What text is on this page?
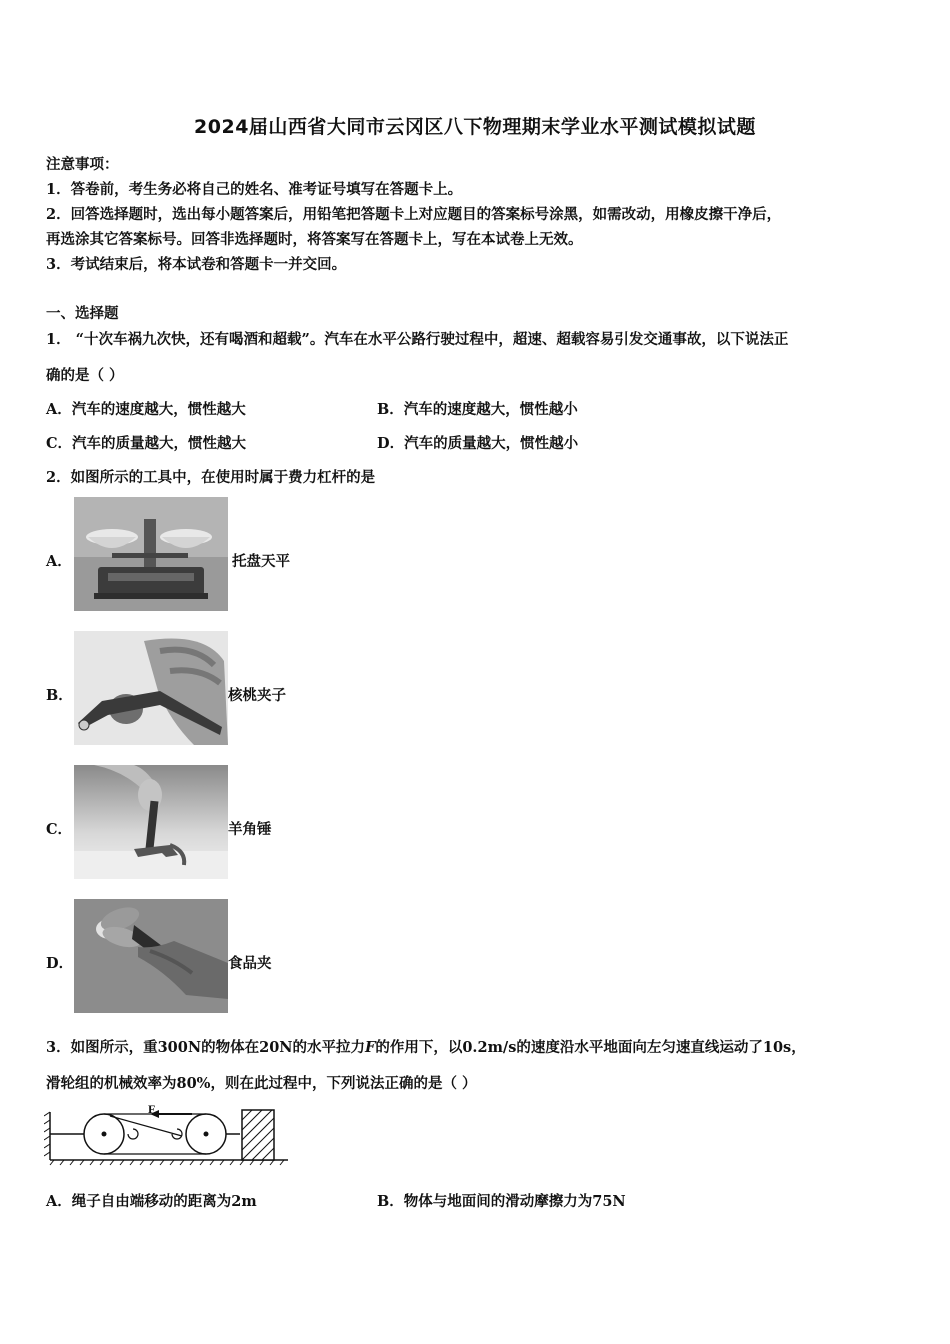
2024届山西省大同市云冈区八下物理期末学业水平测试模拟试题
注意事项：
1．答卷前，考生务必将自己的姓名、准考证号填写在答题卡上。
2．回答选择题时，选出每小题答案后，用铅笔把答题卡上对应题目的答案标号涂黑，如需改动，用橡皮擦干净后，
再选涂其它答案标号。回答非选择题时，将答案写在答题卡上，写在本试卷上无效。
3．考试结束后，将本试卷和答题卡一并交回。
一、选择题
1． “十次车祸九次快，还有喝酒和超载”。汽车在水平公路行驶过程中，超速、超载容易引发交通事故，以下说法正
确的是（ ）
A．汽车的速度越大，惯性越大	B．汽车的速度越大，惯性越小
C．汽车的质量越大，惯性越大	D．汽车的质量越大，惯性越小
2．如图所示的工具中，在使用时属于费力杠杆的是
A．	托盘天平
B．	核桃夹子
C．	羊角锤
D．	食品夹
3．如图所示，重300N的物体在20N的水平拉力F的作用下，以0.2m/s的速度沿水平地面向左匀速直线运动了10s，
滑轮组的机械效率为80%，则在此过程中，下列说法正确的是（ ）
F
A．绳子自由端移动的距离为2m	B．物体与地面间的滑动摩擦力为75N
